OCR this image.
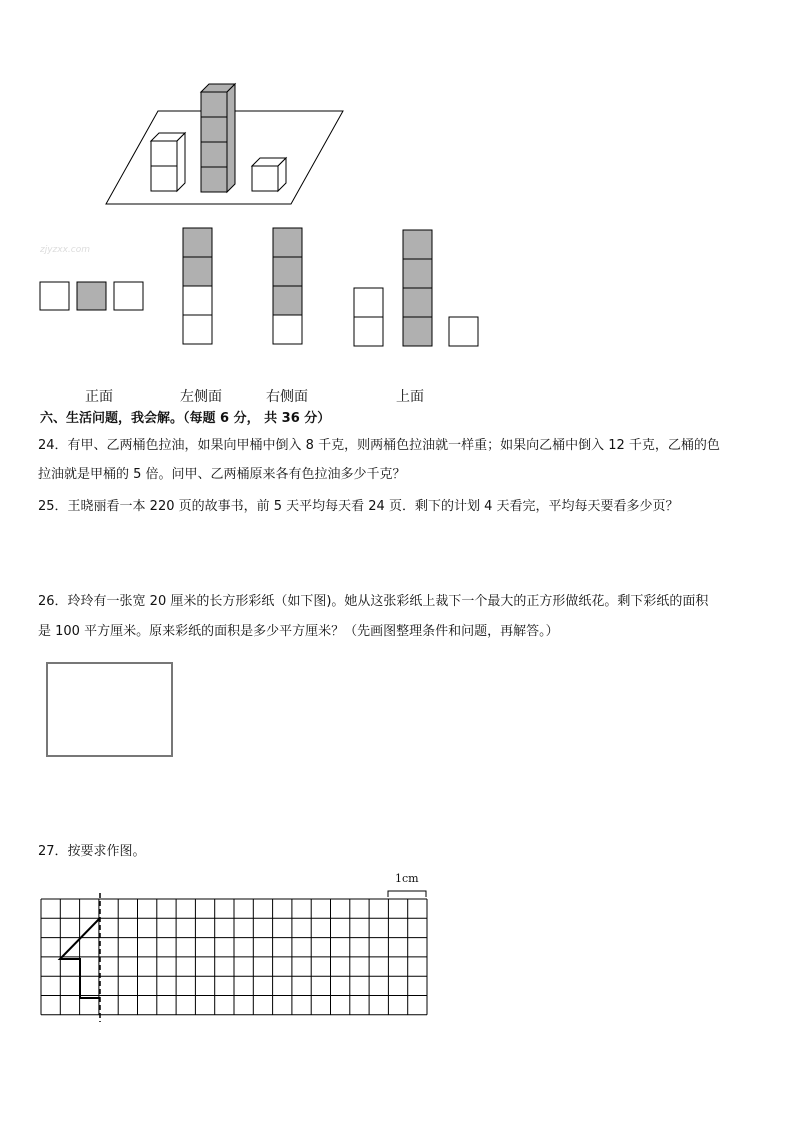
zjyzxx.com
正面	左侧面	右侧面	上面
六、生活问题，我会解。（每题 6 分， 共 36 分）
24．有甲、乙两桶色拉油，如果向甲桶中倒入 8 千克，则两桶色拉油就一样重；如果向乙桶中倒入 12 千克，乙桶的色
拉油就是甲桶的 5 倍。问甲、乙两桶原来各有色拉油多少千克？
25．王晓丽看一本 220 页的故事书，前 5 天平均每天看 24 页．剩下的计划 4 天看完，平均每天要看多少页？
26．玲玲有一张宽 20 厘米的长方形彩纸（如下图)。她从这张彩纸上裁下一个最大的正方形做纸花。剩下彩纸的面积
是 100 平方厘米。原来彩纸的面积是多少平方厘米？（先画图整理条件和问题，再解答。）
27．按要求作图。
1cm
